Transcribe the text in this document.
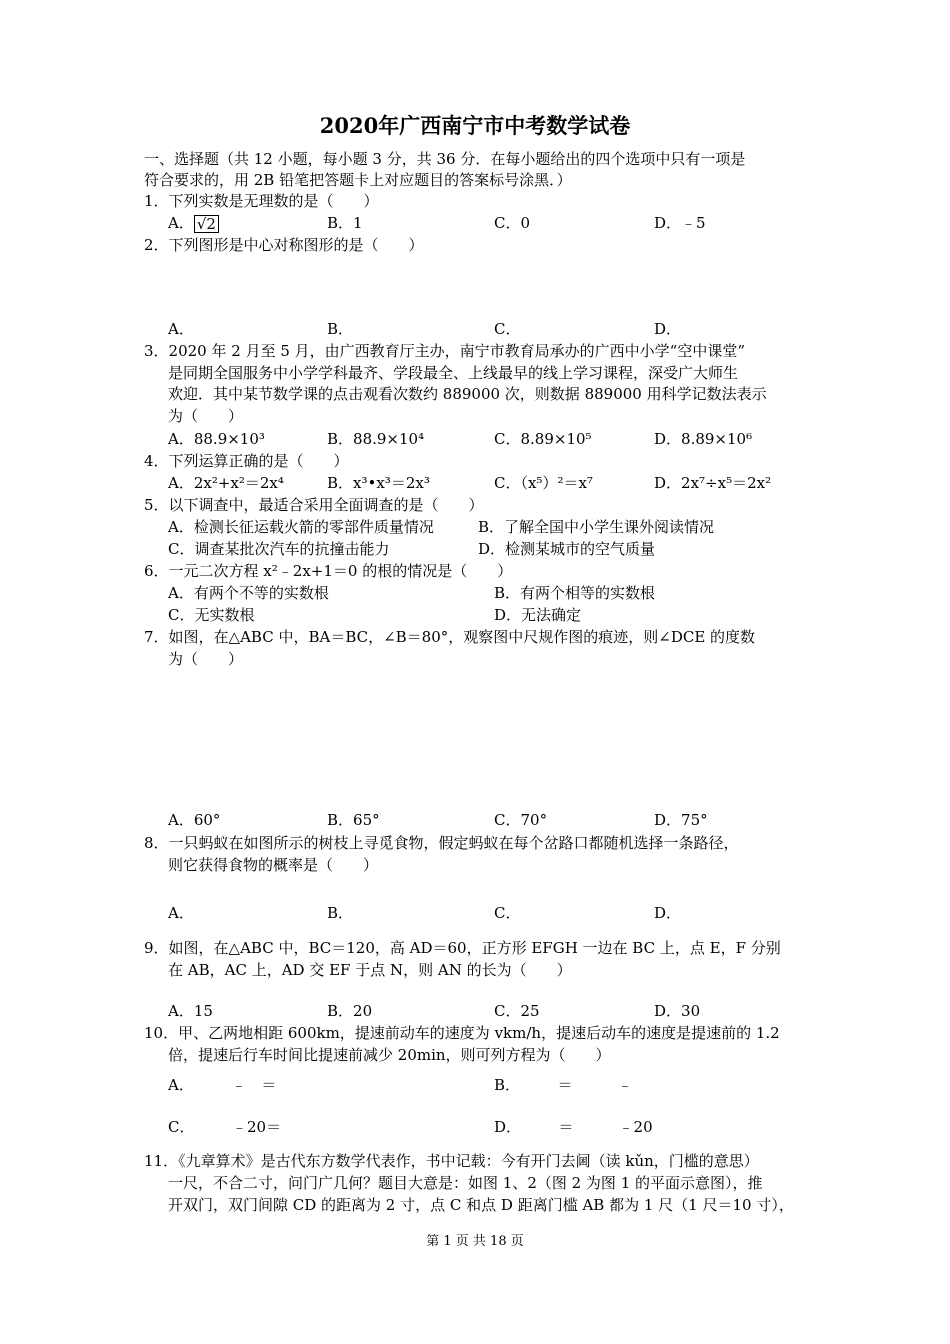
2020年广西南宁市中考数学试卷
一、选择题（共 12 小题，每小题 3 分，共 36 分．在每小题给出的四个选项中只有一项是
符合要求的，用 2B 铅笔把答题卡上对应题目的答案标号涂黑．）
1．下列实数是无理数的是（　　）
A． √2	B．1	C．0	D．﹣5
2．下列图形是中心对称图形的是（　　）
A．	B．	C．	D．
3．2020 年 2 月至 5 月，由广西教育厅主办，南宁市教育局承办的广西中小学“空中课堂”
是同期全国服务中小学学科最齐、学段最全、上线最早的线上学习课程，深受广大师生
欢迎．其中某节数学课的点击观看次数约 889000 次，则数据 889000 用科学记数法表示
为（　　）
A．88.9×10³	B．88.9×10⁴	C．8.89×10⁵	D．8.89×10⁶
4．下列运算正确的是（　　）
A．2x²+x²＝2x⁴	B．x³•x³＝2x³	C．（x⁵）²＝x⁷	D．2x⁷÷x⁵＝2x²
5．以下调查中，最适合采用全面调查的是（　　）
A．检测长征运载火箭的零部件质量情况	B．了解全国中小学生课外阅读情况
C．调查某批次汽车的抗撞击能力	D．检测某城市的空气质量
6．一元二次方程 x²﹣2x+1＝0 的根的情况是（　　）
A．有两个不等的实数根	B．有两个相等的实数根
C．无实数根	D．无法确定
7．如图，在△ABC 中，BA＝BC，∠B＝80°，观察图中尺规作图的痕迹，则∠DCE 的度数
为（　　）
A．60°	B．65°	C．70°	D．75°
8．一只蚂蚁在如图所示的树枝上寻觅食物，假定蚂蚁在每个岔路口都随机选择一条路径，
则它获得食物的概率是（　　）
A．	B．	C．	D．
9．如图，在△ABC 中，BC＝120，高 AD＝60，正方形 EFGH 一边在 BC 上，点 E，F 分别
在 AB，AC 上，AD 交 EF 于点 N，则 AN 的长为（　　）
A．15	B．20	C．25	D．30
10．甲、乙两地相距 600km，提速前动车的速度为 vkm/h，提速后动车的速度是提速前的 1.2
倍，提速后行车时间比提速前减少 20min，则可列方程为（　　）
A．　　　﹣　＝	B．　　　＝　　　﹣
C．　　　﹣20＝	D．　　　＝　　　﹣20
11．《九章算术》是古代东方数学代表作，书中记载：今有开门去阃（读 kǔn，门槛的意思）
一尺，不合二寸，问门广几何？题目大意是：如图 1、2（图 2 为图 1 的平面示意图），推
开双门，双门间隙 CD 的距离为 2 寸，点 C 和点 D 距离门槛 AB 都为 1 尺（1 尺＝10 寸），
第 1 页 共 18 页
